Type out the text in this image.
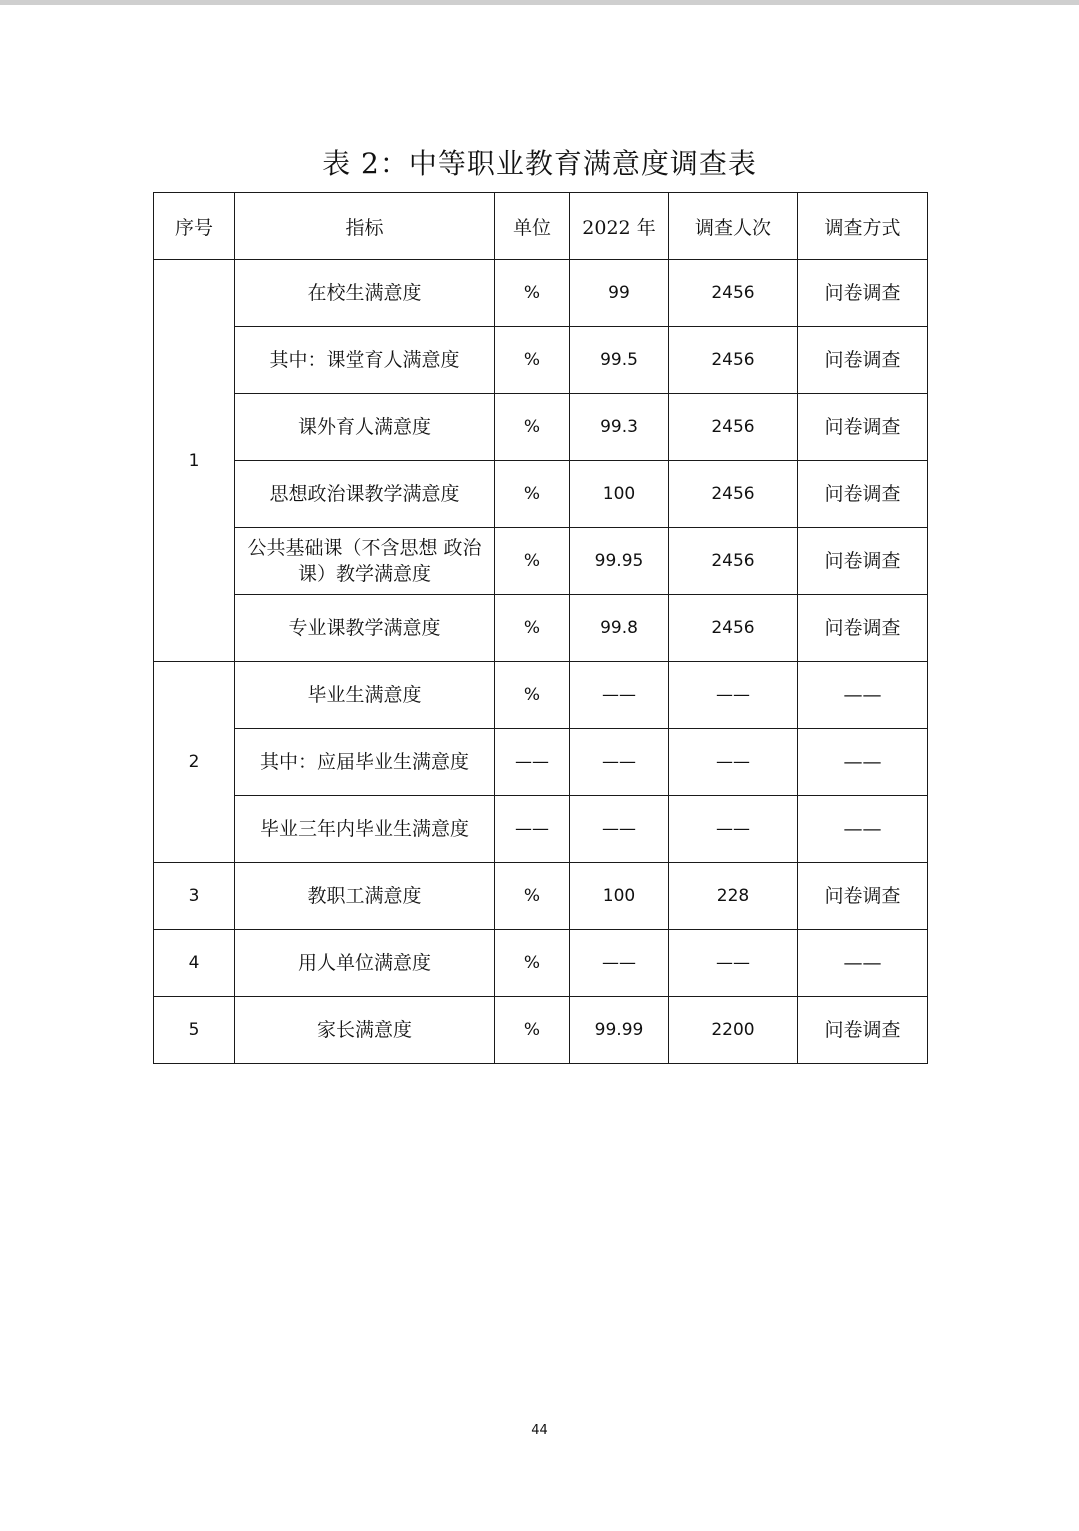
表 2：中等职业教育满意度调查表
序号	指标	单位	2022 年	调查人次	调查方式
1	在校生满意度	%	99	2456	问卷调查
	其中：课堂育人满意度	%	99.5	2456	问卷调查
	课外育人满意度	%	99.3	2456	问卷调查
	思想政治课教学满意度	%	100	2456	问卷调查
	公共基础课（不含思想 政治课）教学满意度	%	99.95	2456	问卷调查
	专业课教学满意度	%	99.8	2456	问卷调查
2	毕业生满意度	%	——	——	——
	其中：应届毕业生满意度	——	——	——	——
	毕业三年内毕业生满意度	——	——	——	——
3	教职工满意度	%	100	228	问卷调查
4	用人单位满意度	%	——	——	——
5	家长满意度	%	99.99	2200	问卷调查
44
